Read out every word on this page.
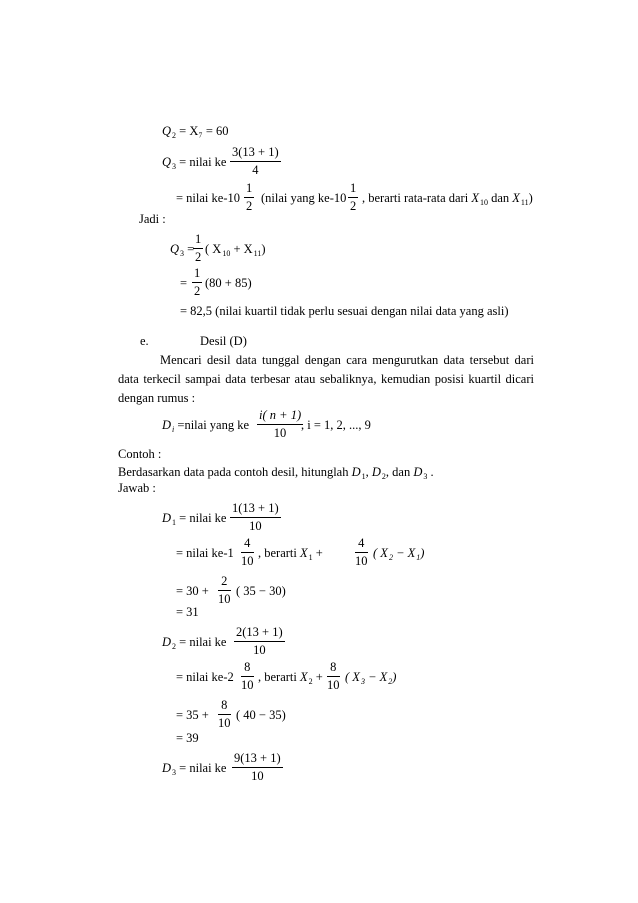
$Q_2 = X_7 = 60$
$Q_3$ = nilai ke $\frac{3(13 + 1)}{4}$
= nilai $ke-10 \frac{1}{2}$ (nilai yang $ke-10 \frac{1}{2}$ , berarti rata-rata dari $X_{10}$ dan $X_{11}$)
Jadi :
$Q_3$ =
$\frac{1}{2}$ ( $X_{10} + X_{11}$)
= $\frac{1}{2} (80 + 85)$
= 82,5 (nilai kuartil tidak perlu sesuai dengan nilai data yang asli)
e.	Desil (D)
Mencari desil data tunggal dengan cara mengurutkan data tersebut dari
data terkecil sampai data terbesar atau sebaliknya, kemudian posisi kuartil dicari
dengan rumus :
$D_i$ =nilai yang ke $\frac{i( n + 1)}{10}$
, i = 1, 2, ..., 9
Contoh :
Berdasarkan data pada contoh desil, hitunglah $D_1$, $D_2$, dan $D_3$ .
Jawab :
$D_1$ = nilai ke $\frac{1(13 + 1)}{10}$
= nilai $ke-1 \frac{4}{10}$ , berarti $X_1$ +	$\frac{4}{10}$ ( $X_2 - X_1$)
= $30 + \frac{2}{10}$ ( 35 − 30)
= 31
$D_2$ = nilai ke $\frac{2(13 + 1)}{10}$
= nilai $ke-2 \frac{8}{10}$ , berarti $X_2 + \frac{8}{10}$ ( $X_3 - X_2$)
= $35 + \frac{8}{10}$ ( 40 − 35)
= 39
$D_3$ = nilai ke $\frac{9(13 + 1)}{10}$
